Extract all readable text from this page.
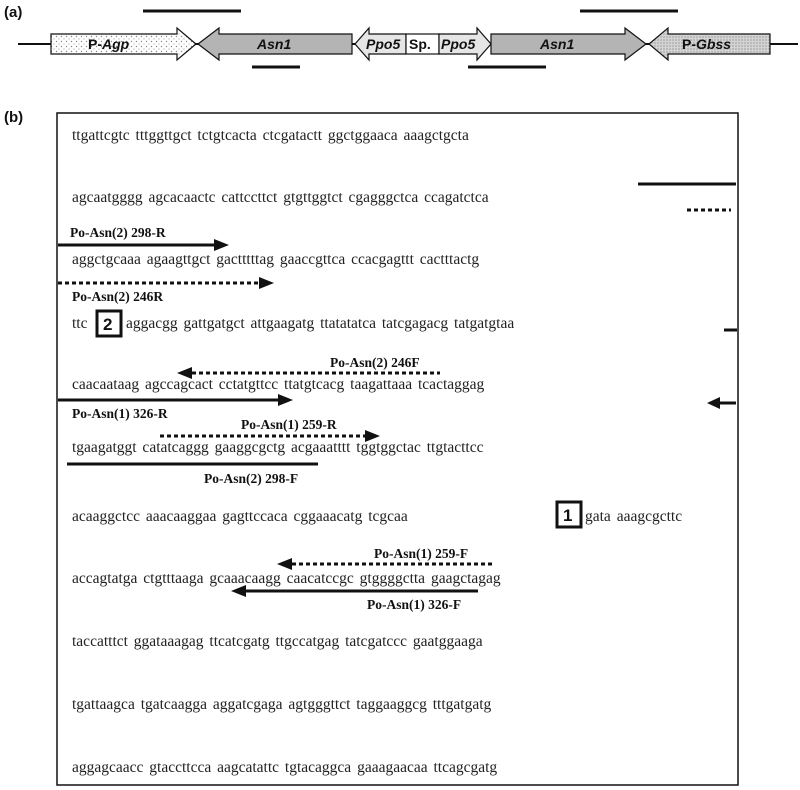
(a)
P-Agp	Asn1	Ppo5 Sp. Ppo5	Asn1	P-Gbss
(b)
ttgattcgtc tttggttgct tctgtcacta ctcgatactt ggctggaaca aaagctgcta
agcaatgggg agcacaactc cattccttct gtgttggtct cgagggctca ccagatctca
aggctgcaaa agaagttgct gactttttag gaaccgttca ccacgagttt cactttactg
ttc aggacgg gattgatgct attgaagatg ttatatatca tatcgagacg tatgatgtaa
caacaataag agccagcact cctatgttcc ttatgtcacg taagattaaa tcactaggag
tgaagatggt catatcaggg gaaggcgctg acgaaatttt tggtggctac ttgtacttcc
acaaggctcc aaacaaggaa gagttccaca cggaaacatg tcgcaa	gata aaagcgcttc
accagtatga ctgtttaaga gcaaacaagg caacatccgc gtggggctta gaagctagag
taccatttct ggataaagag ttcatcgatg ttgccatgag tatcgatccc gaatggaaga
tgattaagca tgatcaagga aggatcgaga agtgggttct taggaaggcg tttgatgatg
aggagcaacc gtaccttcca aagcatattc tgtacaggca gaaagaacaa ttcagcgatg
2
1
Po-Asn(2) 298-R
Po-Asn(2) 246R
Po-Asn(2) 246F
Po-Asn(1) 326-R
Po-Asn(1) 259-R
Po-Asn(2) 298-F
Po-Asn(1) 259-F
Po-Asn(1) 326-F
